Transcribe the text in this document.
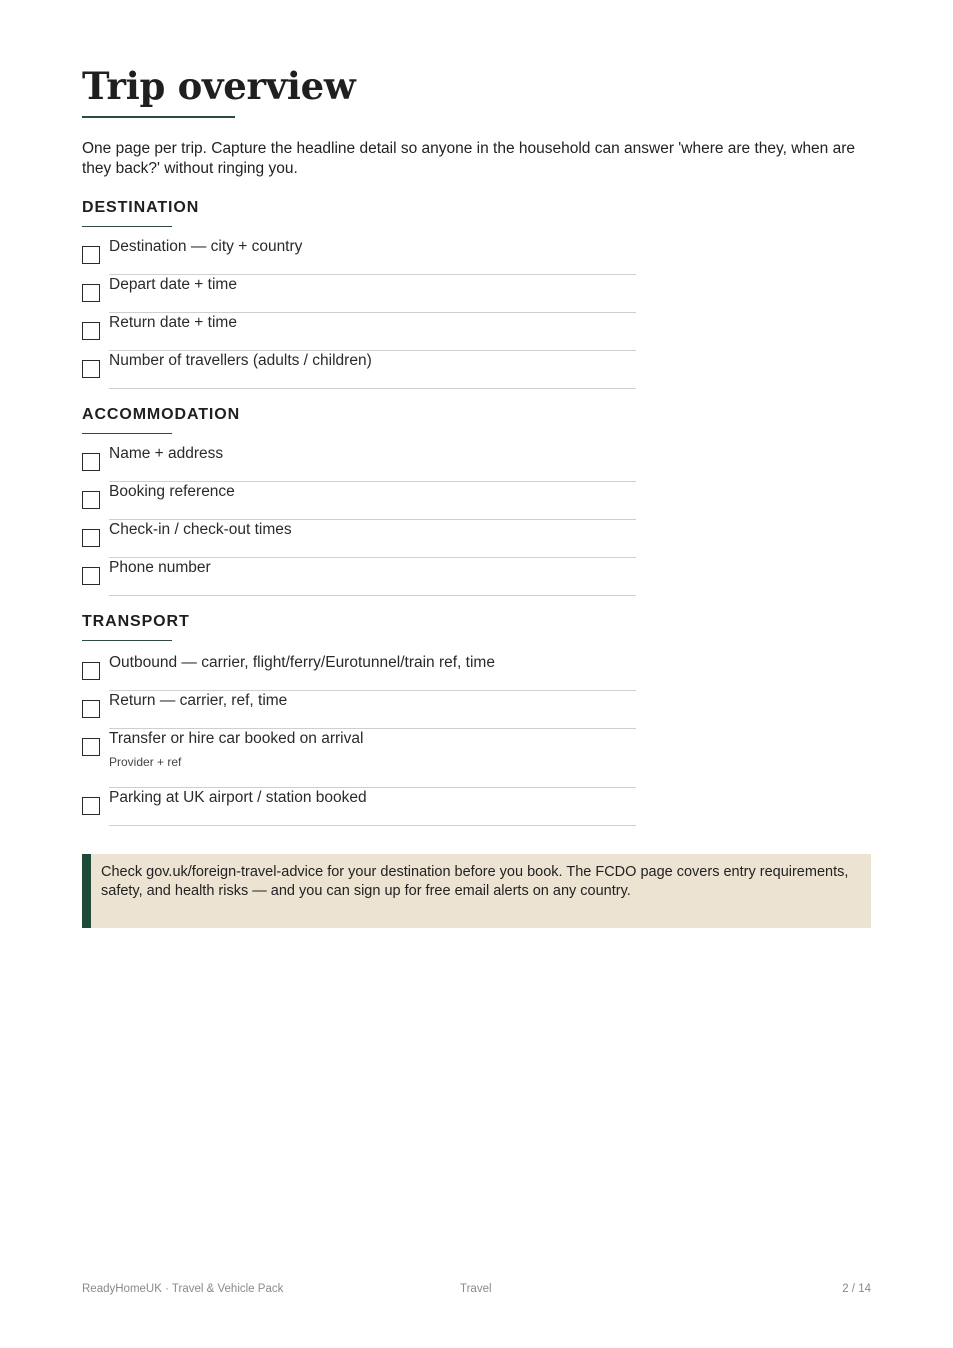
Trip overview

One page per trip. Capture the headline detail so anyone in the household can answer 'where are they, when are they back?' without ringing you.

DESTINATION
Destination — city + country
Depart date + time
Return date + time
Number of travellers (adults / children)
ACCOMMODATION
Name + address
Booking reference
Check-in / check-out times
Phone number
TRANSPORT
Outbound — carrier, flight/ferry/Eurotunnel/train ref, time
Return — carrier, ref, time
Transfer or hire car booked on arrival
Provider + ref
Parking at UK airport / station booked
Check gov.uk/foreign-travel-advice for your destination before you book. The FCDO page covers entry requirements, safety, and health risks — and you can sign up for free email alerts on any country.
ReadyHomeUK · Travel & Vehicle Pack	Travel	2 / 14
